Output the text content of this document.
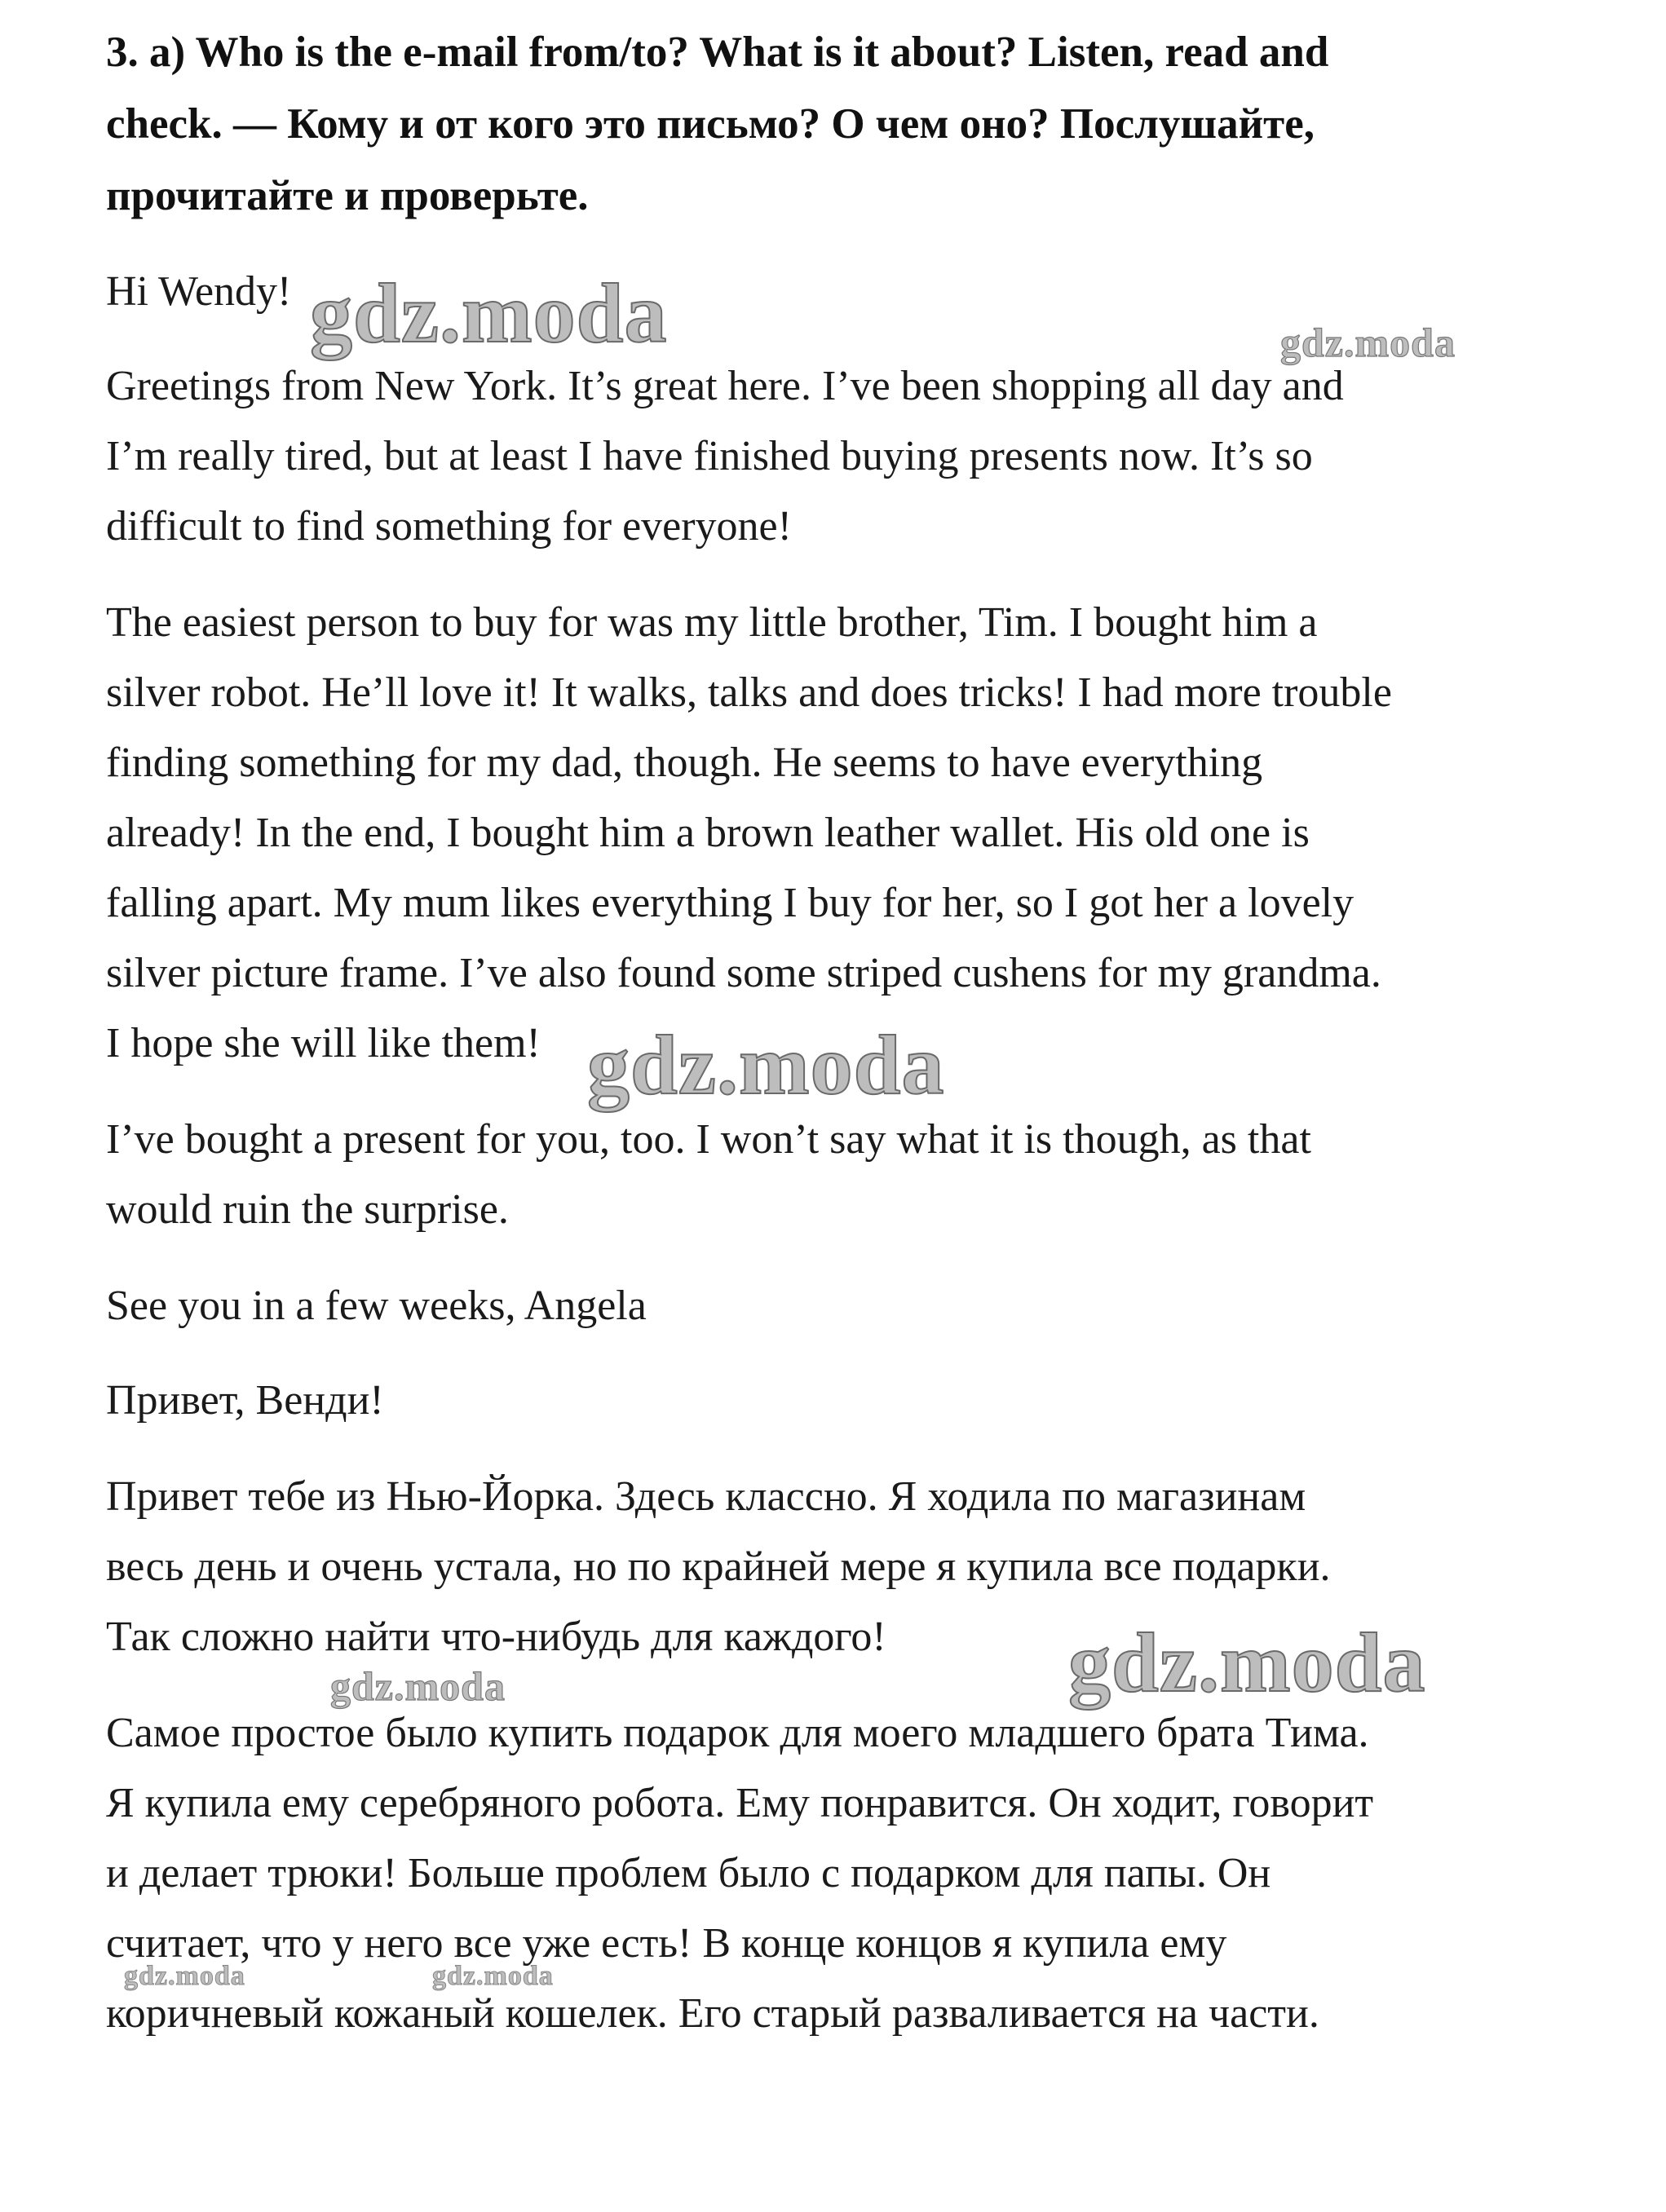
3. a) Who is the e-mail from/to? What is it about? Listen, read and
check. — Кому и от кого это письмо? О чем оно? Послушайте,
прочитайте и проверьте.
Hi Wendy!
Greetings from New York. It’s great here. I’ve been shopping all day and
I’m really tired, but at least I have finished buying presents now. It’s so
difficult to find something for everyone!
The easiest person to buy for was my little brother, Tim. I bought him a
silver robot. He’ll love it! It walks, talks and does tricks! I had more trouble
finding something for my dad, though. He seems to have everything
already! In the end, I bought him a brown leather wallet. His old one is
falling apart. My mum likes everything I buy for her, so I got her a lovely
silver picture frame. I’ve also found some striped cushens for my grandma.
I hope she will like them!
I’ve bought a present for you, too. I won’t say what it is though, as that
would ruin the surprise.
See you in a few weeks, Angela
Привет, Венди!
Привет тебе из Нью-Йорка. Здесь классно. Я ходила по магазинам
весь день и очень устала, но по крайней мере я купила все подарки.
Так сложно найти что-нибудь для каждого!
Самое простое было купить подарок для моего младшего брата Тима.
Я купила ему серебряного робота. Ему понравится. Он ходит, говорит
и делает трюки! Больше проблем было с подарком для папы. Он
считает, что у него все уже есть! В конце концов я купила ему
коричневый кожаный кошелек. Его старый разваливается на части.
gdz.moda	gdz.moda
gdz.moda
gdz.moda
gdz.moda
gdz.moda	gdz.moda
